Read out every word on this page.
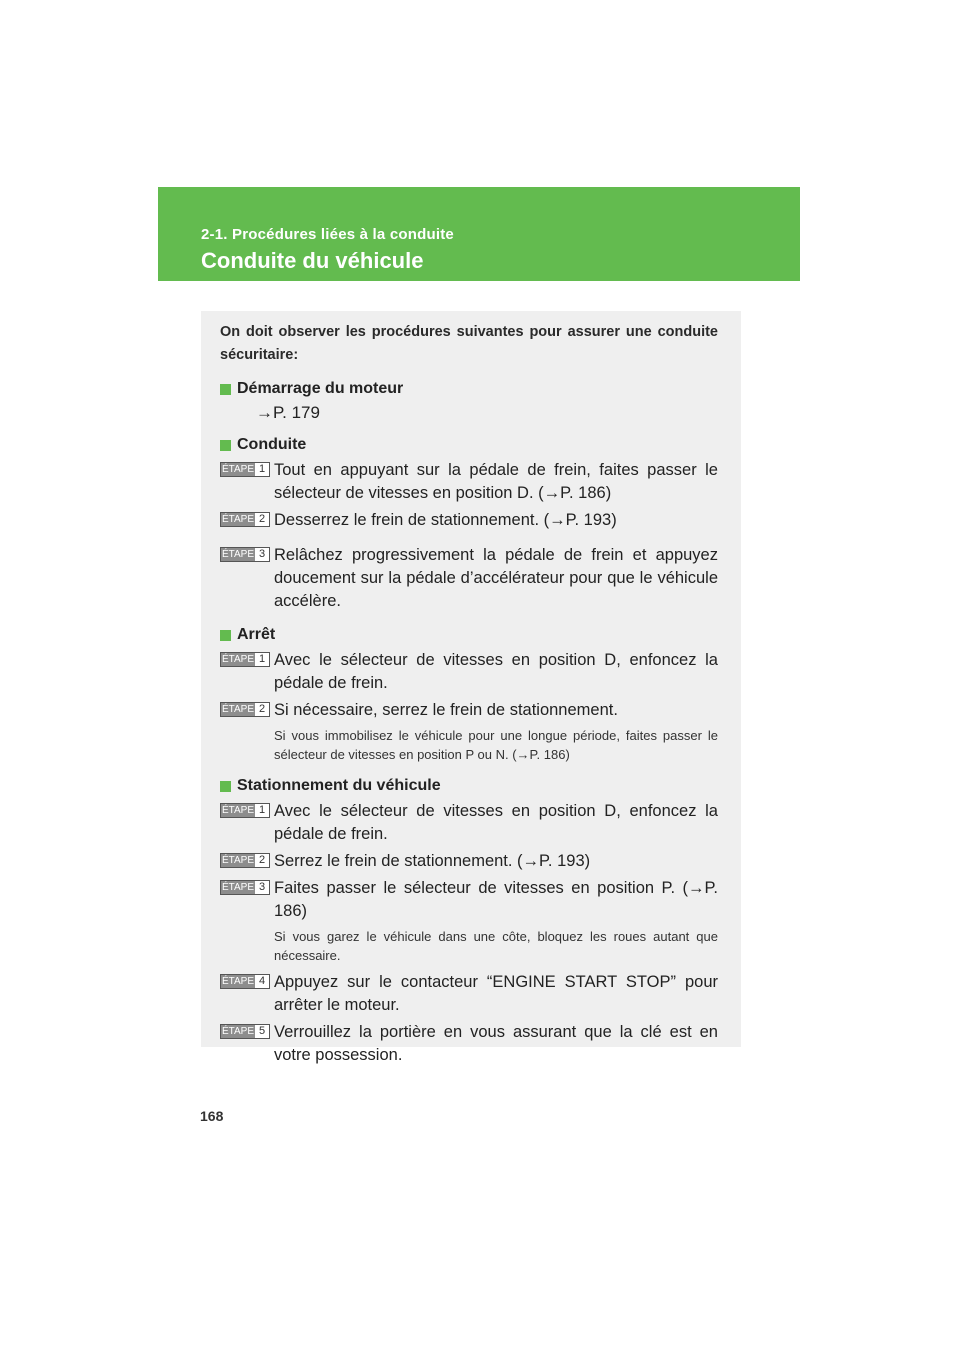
2-1. Procédures liées à la conduite
Conduite du véhicule

On doit observer les procédures suivantes pour assurer une conduite sécuritaire:

Démarrage du moteur
→P. 179
Conduite
ÉTAPE 1 Tout en appuyant sur la pédale de frein, faites passer le sélecteur de vitesses en position D. (→P. 186)
ÉTAPE 2 Desserrez le frein de stationnement. (→P. 193)
ÉTAPE 3 Relâchez progressivement la pédale de frein et appuyez doucement sur la pédale d’accélérateur pour que le véhicule accélère.
Arrêt
ÉTAPE 1 Avec le sélecteur de vitesses en position D, enfoncez la pédale de frein.
ÉTAPE 2 Si nécessaire, serrez le frein de stationnement.
Si vous immobilisez le véhicule pour une longue période, faites passer le sélecteur de vitesses en position P ou N. (→P. 186)
Stationnement du véhicule
ÉTAPE 1 Avec le sélecteur de vitesses en position D, enfoncez la pédale de frein.
ÉTAPE 2 Serrez le frein de stationnement. (→P. 193)
ÉTAPE 3 Faites passer le sélecteur de vitesses en position P. (→P. 186)
Si vous garez le véhicule dans une côte, bloquez les roues autant que nécessaire.
ÉTAPE 4 Appuyez sur le contacteur “ENGINE START STOP” pour arrêter le moteur.
ÉTAPE 5 Verrouillez la portière en vous assurant que la clé est en votre possession.
168
